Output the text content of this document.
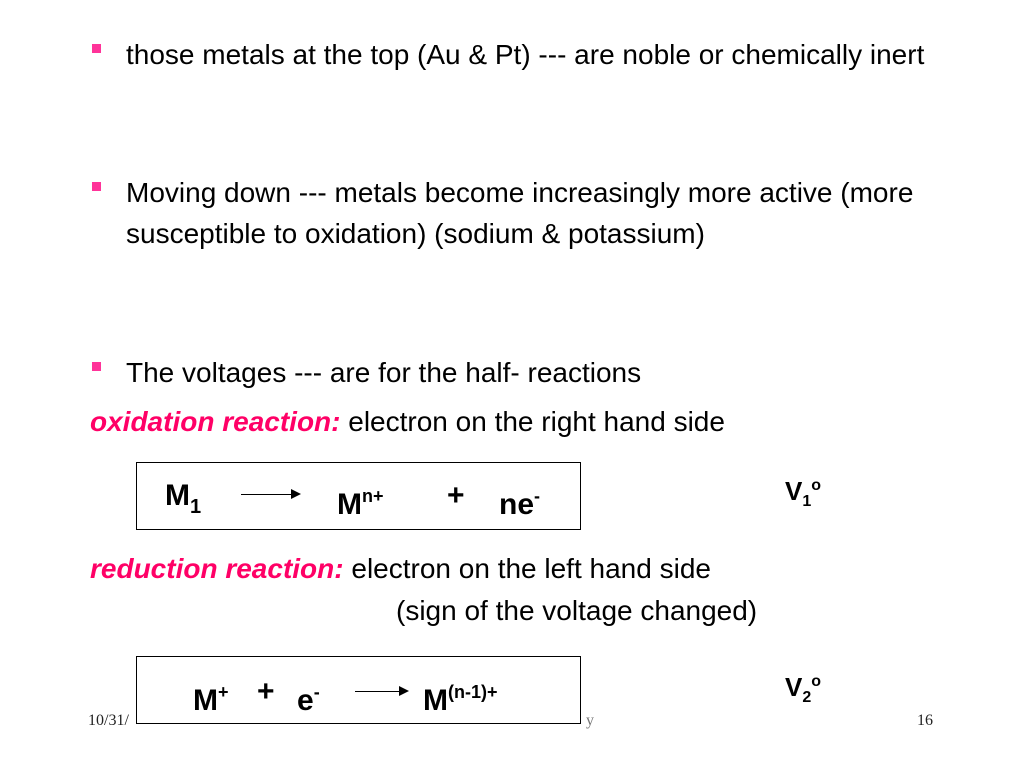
those metals at the top (Au & Pt) --- are noble or chemically inert
Moving down --- metals become increasingly more active (more susceptible to oxidation) (sodium & potassium)
The voltages --- are for the half- reactions
oxidation reaction: electron on the right hand side
$M_1$	$M^{n+} + ne^-$	$V_1^o$
reduction reaction: electron on the left hand side
(sign of the voltage changed)
$M^+ + e^- \to M^{(n-1)+}$	$V_2^o$
10/31/	y	16
